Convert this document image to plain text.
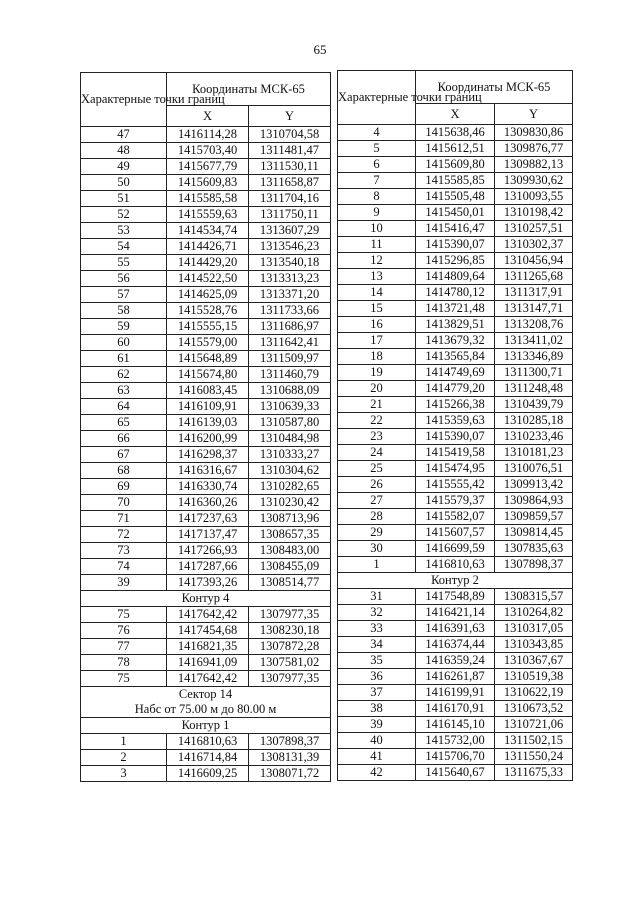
65
Характерные точки границ	Координаты МСК-65	
	X	Y
47	1416114,28	1310704,58
48	1415703,40	1311481,47
49	1415677,79	1311530,11
50	1415609,83	1311658,87
51	1415585,58	1311704,16
52	1415559,63	1311750,11
53	1414534,74	1313607,29
54	1414426,71	1313546,23
55	1414429,20	1313540,18
56	1414522,50	1313313,23
57	1414625,09	1313371,20
58	1415528,76	1311733,66
59	1415555,15	1311686,97
60	1415579,00	1311642,41
61	1415648,89	1311509,97
62	1415674,80	1311460,79
63	1416083,45	1310688,09
64	1416109,91	1310639,33
65	1416139,03	1310587,80
66	1416200,99	1310484,98
67	1416298,37	1310333,27
68	1416316,67	1310304,62
69	1416330,74	1310282,65
70	1416360,26	1310230,42
71	1417237,63	1308713,96
72	1417137,47	1308657,35
73	1417266,93	1308483,00
74	1417287,66	1308455,09
39	1417393,26	1308514,77
Контур 4		
75	1417642,42	1307977,35
76	1417454,68	1308230,18
77	1416821,35	1307872,28
78	1416941,09	1307581,02
75	1417642,42	1307977,35
Сектор 14		
Набс от 75.00 м до 80.00 м		
Контур 1		
1	1416810,63	1307898,37
2	1416714,84	1308131,39
3	1416609,25	1308071,72
Характерные точки границ	Координаты МСК-65	
	X	Y
4	1415638,46	1309830,86
5	1415612,51	1309876,77
6	1415609,80	1309882,13
7	1415585,85	1309930,62
8	1415505,48	1310093,55
9	1415450,01	1310198,42
10	1415416,47	1310257,51
11	1415390,07	1310302,37
12	1415296,85	1310456,94
13	1414809,64	1311265,68
14	1414780,12	1311317,91
15	1413721,48	1313147,71
16	1413829,51	1313208,76
17	1413679,32	1313411,02
18	1413565,84	1313346,89
19	1414749,69	1311300,71
20	1414779,20	1311248,48
21	1415266,38	1310439,79
22	1415359,63	1310285,18
23	1415390,07	1310233,46
24	1415419,58	1310181,23
25	1415474,95	1310076,51
26	1415555,42	1309913,42
27	1415579,37	1309864,93
28	1415582,07	1309859,57
29	1415607,57	1309814,45
30	1416699,59	1307835,63
1	1416810,63	1307898,37
Контур 2		
31	1417548,89	1308315,57
32	1416421,14	1310264,82
33	1416391,63	1310317,05
34	1416374,44	1310343,85
35	1416359,24	1310367,67
36	1416261,87	1310519,38
37	1416199,91	1310622,19
38	1416170,91	1310673,52
39	1416145,10	1310721,06
40	1415732,00	1311502,15
41	1415706,70	1311550,24
42	1415640,67	1311675,33
